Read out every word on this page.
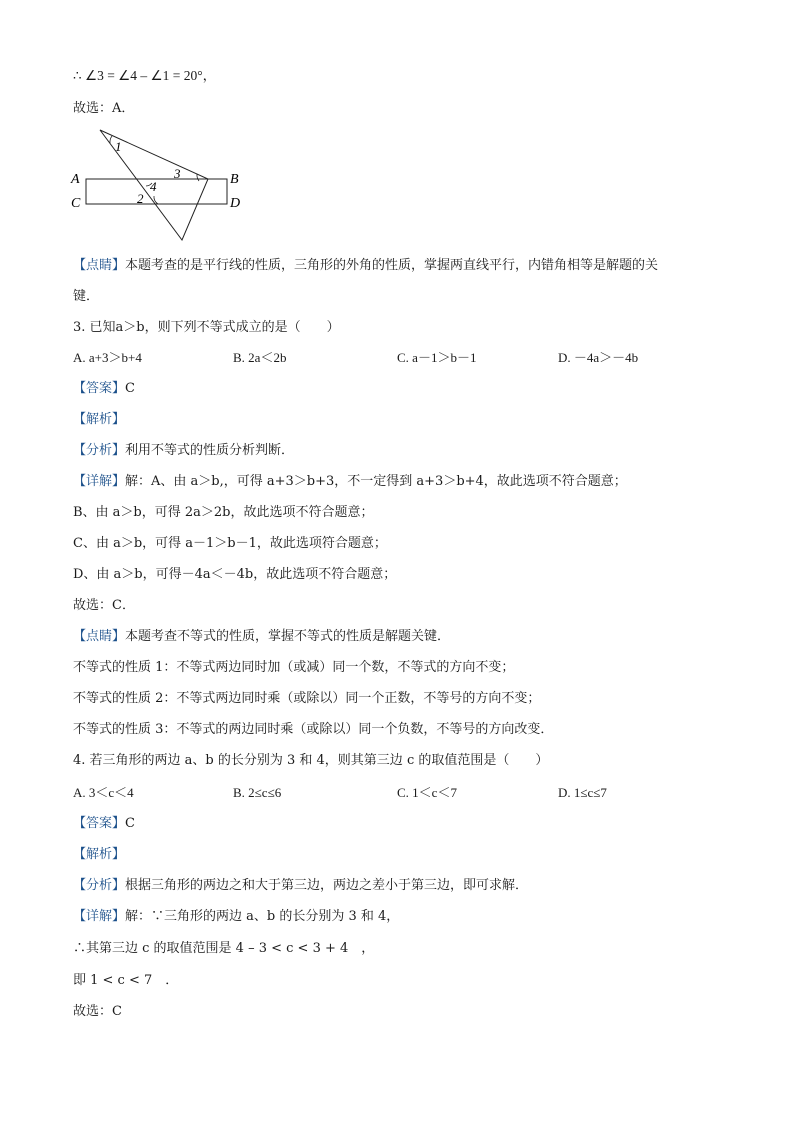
∴ ∠3 = ∠4 – ∠1 = 20°，
故选：A．
1
3
4
2
A	B
C	D
【点睛】本题考查的是平行线的性质，三角形的外角的性质，掌握两直线平行，内错角相等是解题的关
键．
3. 已知a＞b，则下列不等式成立的是（　　）
A. a+3＞b+4	B. 2a＜2b	C. a－1＞b－1	D. －4a＞－4b
【答案】C
【解析】
【分析】利用不等式的性质分析判断．
【详解】解：A、由 a＞b,，可得 a+3＞b+3，不一定得到 a+3＞b+4，故此选项不符合题意；
B、由 a＞b，可得 2a＞2b，故此选项不符合题意；
C、由 a＞b，可得 a－1＞b－1，故此选项符合题意；
D、由 a＞b，可得－4a＜－4b，故此选项不符合题意；
故选：C．
【点睛】本题考查不等式的性质，掌握不等式的性质是解题关键．
不等式的性质 1：不等式两边同时加（或减）同一个数，不等式的方向不变；
不等式的性质 2：不等式两边同时乘（或除以）同一个正数，不等号的方向不变；
不等式的性质 3：不等式的两边同时乘（或除以）同一个负数，不等号的方向改变．
4. 若三角形的两边 a、b 的长分别为 3 和 4，则其第三边 c 的取值范围是（　　）
A. 3＜c＜4	B. 2≤c≤6	C. 1＜c＜7	D. 1≤c≤7
【答案】C
【解析】
【分析】根据三角形的两边之和大于第三边，两边之差小于第三边，即可求解．
【详解】解：∵三角形的两边 a、b 的长分别为 3 和 4，
∴其第三边 c 的取值范围是 4 – 3 < c < 3 + 4　，
即 1 < c < 7　．
故选：C
